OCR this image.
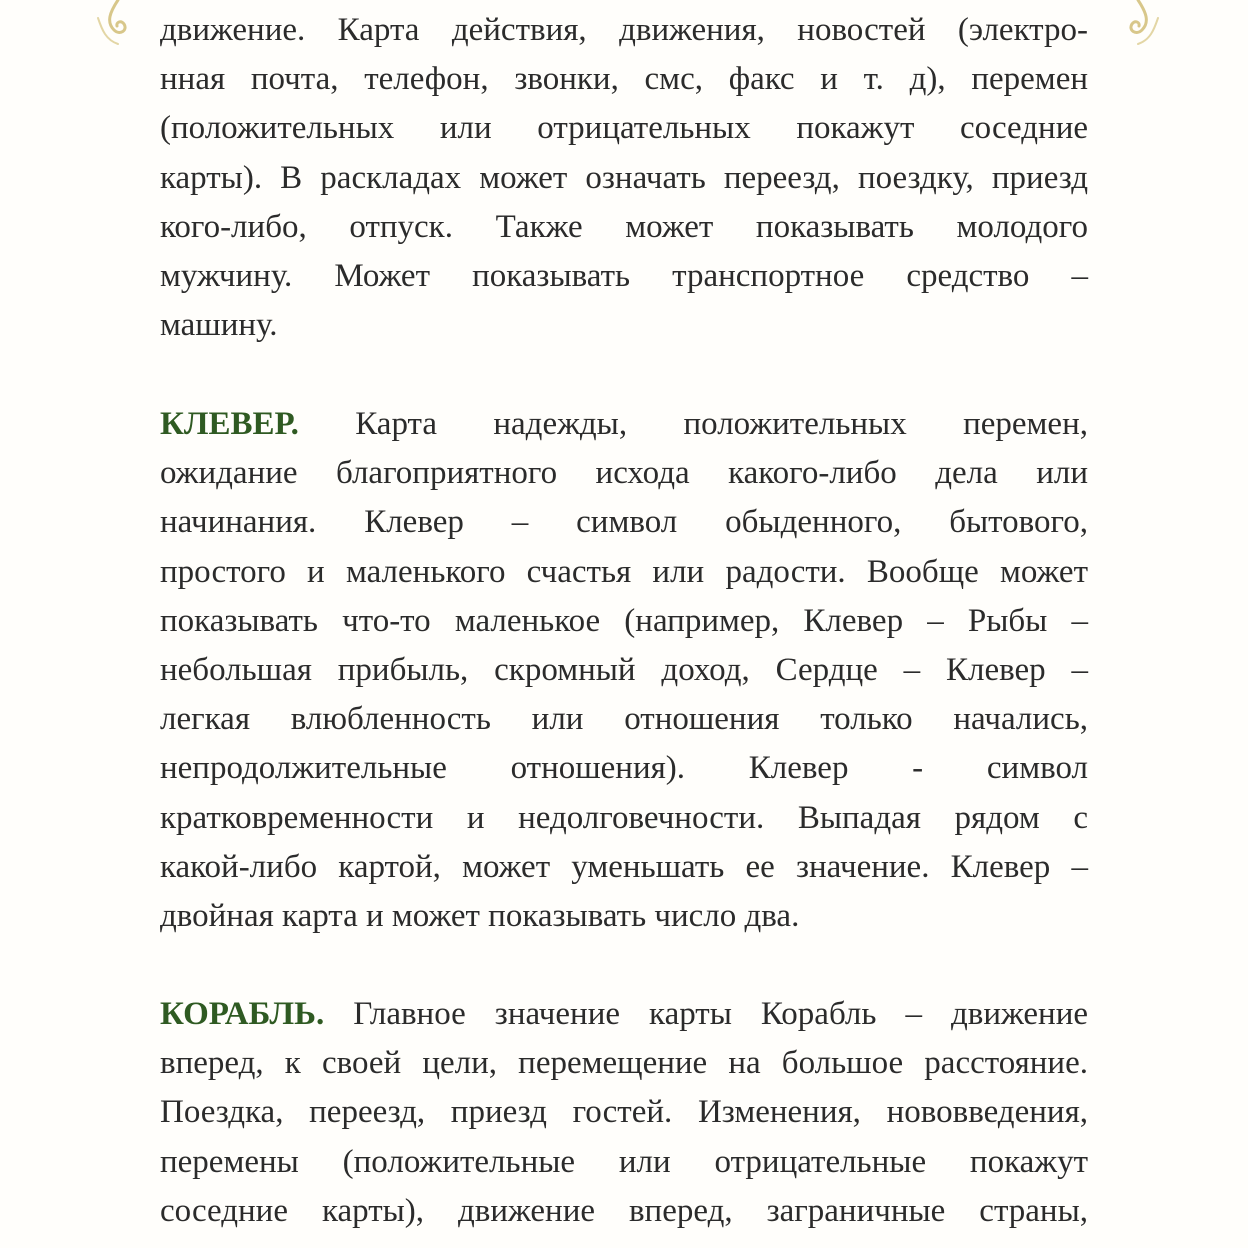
движение. Карта действия, движения, новостей (электро-
нная почта, телефон, звонки, смс, факс и т. д), перемен
(положительных или отрицательных покажут соседние
карты). В раскладах может означать переезд, поездку, приезд
кого-либо, отпуск. Также может показывать молодого
мужчину. Может показывать транспортное средство –
машину.
КЛЕВЕР. Карта надежды, положительных перемен,
ожидание благоприятного исхода какого-либо дела или
начинания. Клевер – символ обыденного, бытового,
простого и маленького счастья или радости. Вообще может
показывать что-то маленькое (например, Клевер – Рыбы –
небольшая прибыль, скромный доход, Сердце – Клевер –
легкая влюбленность или отношения только начались,
непродолжительные отношения). Клевер - символ
кратковременности и недолговечности. Выпадая рядом с
какой-либо картой, может уменьшать ее значение. Клевер –
двойная карта и может показывать число два.
КОРАБЛЬ. Главное значение карты Корабль – движение
вперед, к своей цели, перемещение на большое расстояние.
Поездка, переезд, приезд гостей. Изменения, нововведения,
перемены (положительные или отрицательные покажут
соседние карты), движение вперед, заграничные страны,
